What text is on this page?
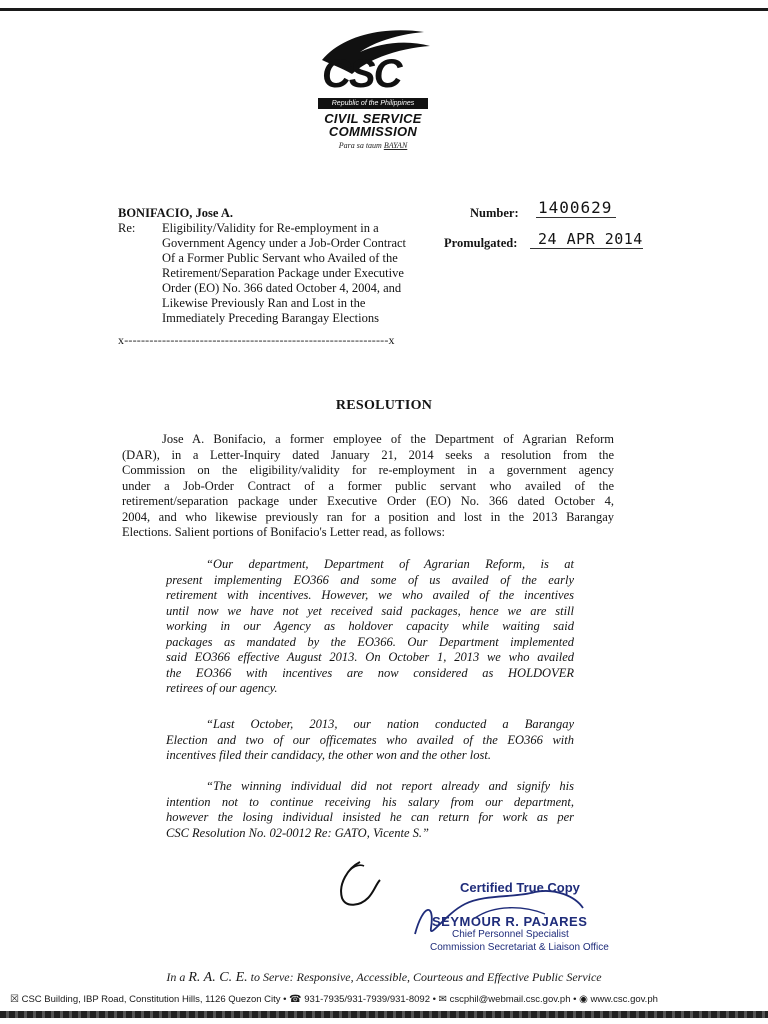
CSC
Republic of the Philippines
CIVIL SERVICE
COMMISSION
Para sa taum BAYAN
BONIFACIO, Jose A.
Re: Eligibility/Validity for Re-employment in a
Government Agency under a Job-Order Contract
Of a Former Public Servant who Availed of the
Retirement/Separation Package under Executive
Order (EO) No. 366 dated October 4, 2004, and
Likewise Previously Ran and Lost in the
Immediately Preceding Barangay Elections
Number: 1400629
Promulgated:	24 APR 2014
x---------------------------------------------------------------x
RESOLUTION
Jose A. Bonifacio, a former employee of the Department of Agrarian Reform
(DAR), in a Letter-Inquiry dated January 21, 2014 seeks a resolution from the
Commission on the eligibility/validity for re-employment in a government agency
under a Job-Order Contract of a former public servant who availed of the
retirement/separation package under Executive Order (EO) No. 366 dated October 4,
2004, and who likewise previously ran for a position and lost in the 2013 Barangay
Elections. Salient portions of Bonifacio's Letter read, as follows:
“Our department, Department of Agrarian Reform, is at
present implementing EO366 and some of us availed of the early
retirement with incentives. However, we who availed of the incentives
until now we have not yet received said packages, hence we are still
working in our Agency as holdover capacity while waiting said
packages as mandated by the EO366. Our Department implemented
said EO366 effective August 2013. On October 1, 2013 we who availed
the EO366 with incentives are now considered as HOLDOVER
retirees of our agency.
“Last October, 2013, our nation conducted a Barangay
Election and two of our officemates who availed of the EO366 with
incentives filed their candidacy, the other won and the other lost.
“The winning individual did not report already and signify his
intention not to continue receiving his salary from our department,
however the losing individual insisted he can return for work as per
CSC Resolution No. 02-0012 Re: GATO, Vicente S.”
Certified True Copy
SEYMOUR R. PAJARES
Chief Personnel Specialist
Commission Secretariat & Liaison Office
In a R. A. C. E. to Serve: Responsive, Accessible, Courteous and Effective Public Service
☒ CSC Building, IBP Road, Constitution Hills, 1126 Quezon City • ☎ 931-7935/931-7939/931-8092 • ✉ cscphil@webmail.csc.gov.ph • ◉ www.csc.gov.ph
